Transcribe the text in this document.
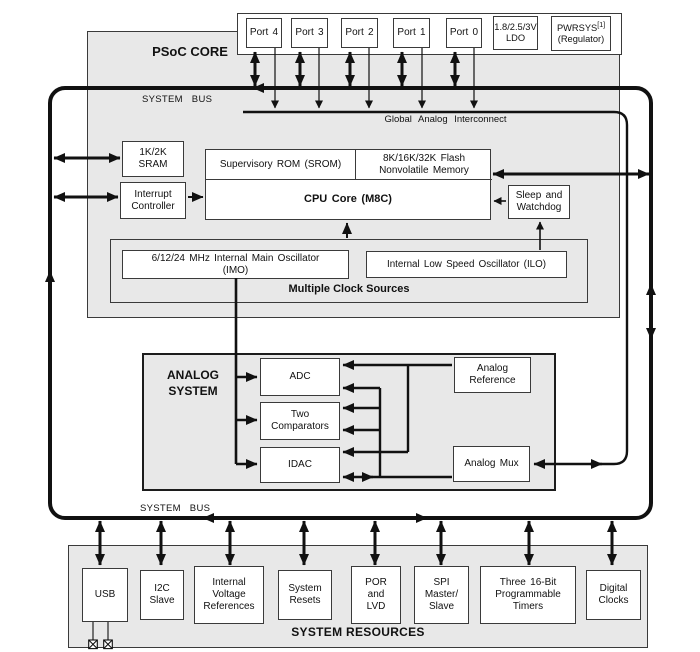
PSoC CORE
Port 4 Port 3 Port 2 Port 1 Port 0
1.8/2.5/3V
LDO
PWRSYS[1]
(Regulator)
SYSTEM BUS
SYSTEM BUS
Global Analog Interconnect
1K/2K
SRAM
Interrupt
Controller
Supervisory ROM (SROM)
8K/16K/32K Flash
Nonvolatile Memory
CPU Core (M8C)	Sleep and
Watchdog
6/12/24 MHz Internal Main Oscillator
(IMO)
Internal Low Speed Oscillator (ILO)
Multiple Clock Sources
ANALOG
SYSTEM
ADC
Two
Comparators
IDAC
Analog
Reference
Analog Mux
USB
I2C
Slave
Internal
Voltage
References
System
Resets
POR
and
LVD
SPI
Master/
Slave
Three 16-Bit
Programmable
Timers
Digital
Clocks
SYSTEM RESOURCES
